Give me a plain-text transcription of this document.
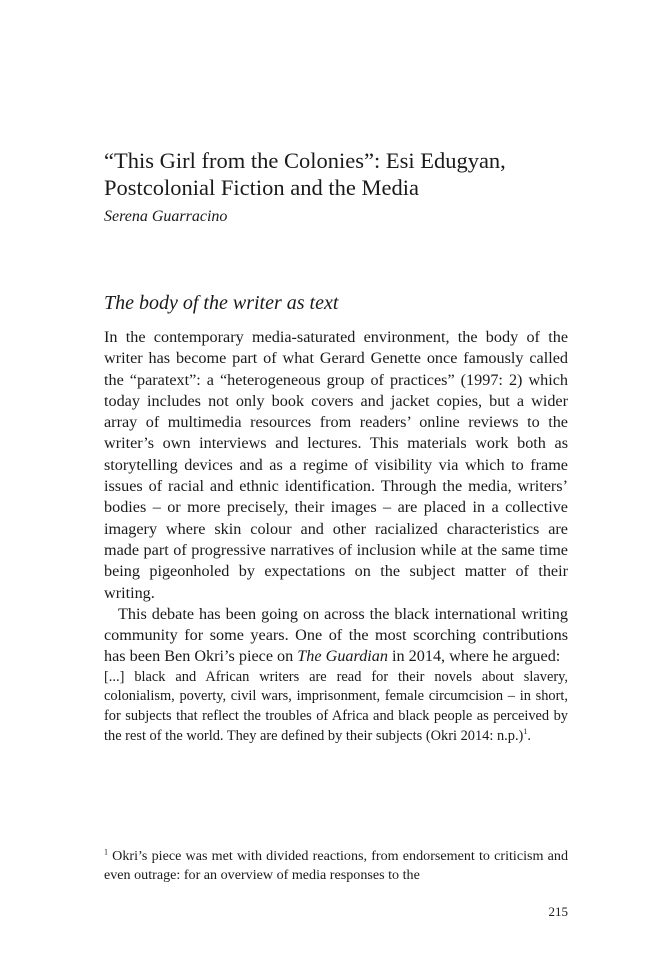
“This Girl from the Colonies”: Esi Edugyan,
Postcolonial Fiction and the Media

Serena Guarracino

The body of the writer as text

In the contemporary media-saturated environment, the body of the writer has become part of what Gerard Genette once famously called the “paratext”: a “heterogeneous group of practices” (1997: 2) which today includes not only book covers and jacket copies, but a wider array of multimedia resources from readers’ online reviews to the writer’s own interviews and lectures. This materials work both as storytelling devices and as a regime of visibility via which to frame issues of racial and ethnic identification. Through the media, writers’ bodies – or more precisely, their images – are placed in a collective imagery where skin colour and other racialized characteristics are made part of progressive narratives of inclusion while at the same time being pigeonholed by expectations on the subject matter of their writing.

This debate has been going on across the black international writing community for some years. One of the most scorching contributions has been Ben Okri’s piece on The Guardian in 2014, where he argued:

[...] black and African writers are read for their novels about slavery, colonialism, poverty, civil wars, imprisonment, female circumcision – in short, for subjects that reflect the troubles of Africa and black people as perceived by the rest of the world. They are defined by their subjects (Okri 2014: n.p.)$^1$.

$^1$ Okri’s piece was met with divided reactions, from endorsement to criticism and even outrage: for an overview of media responses to the

215
